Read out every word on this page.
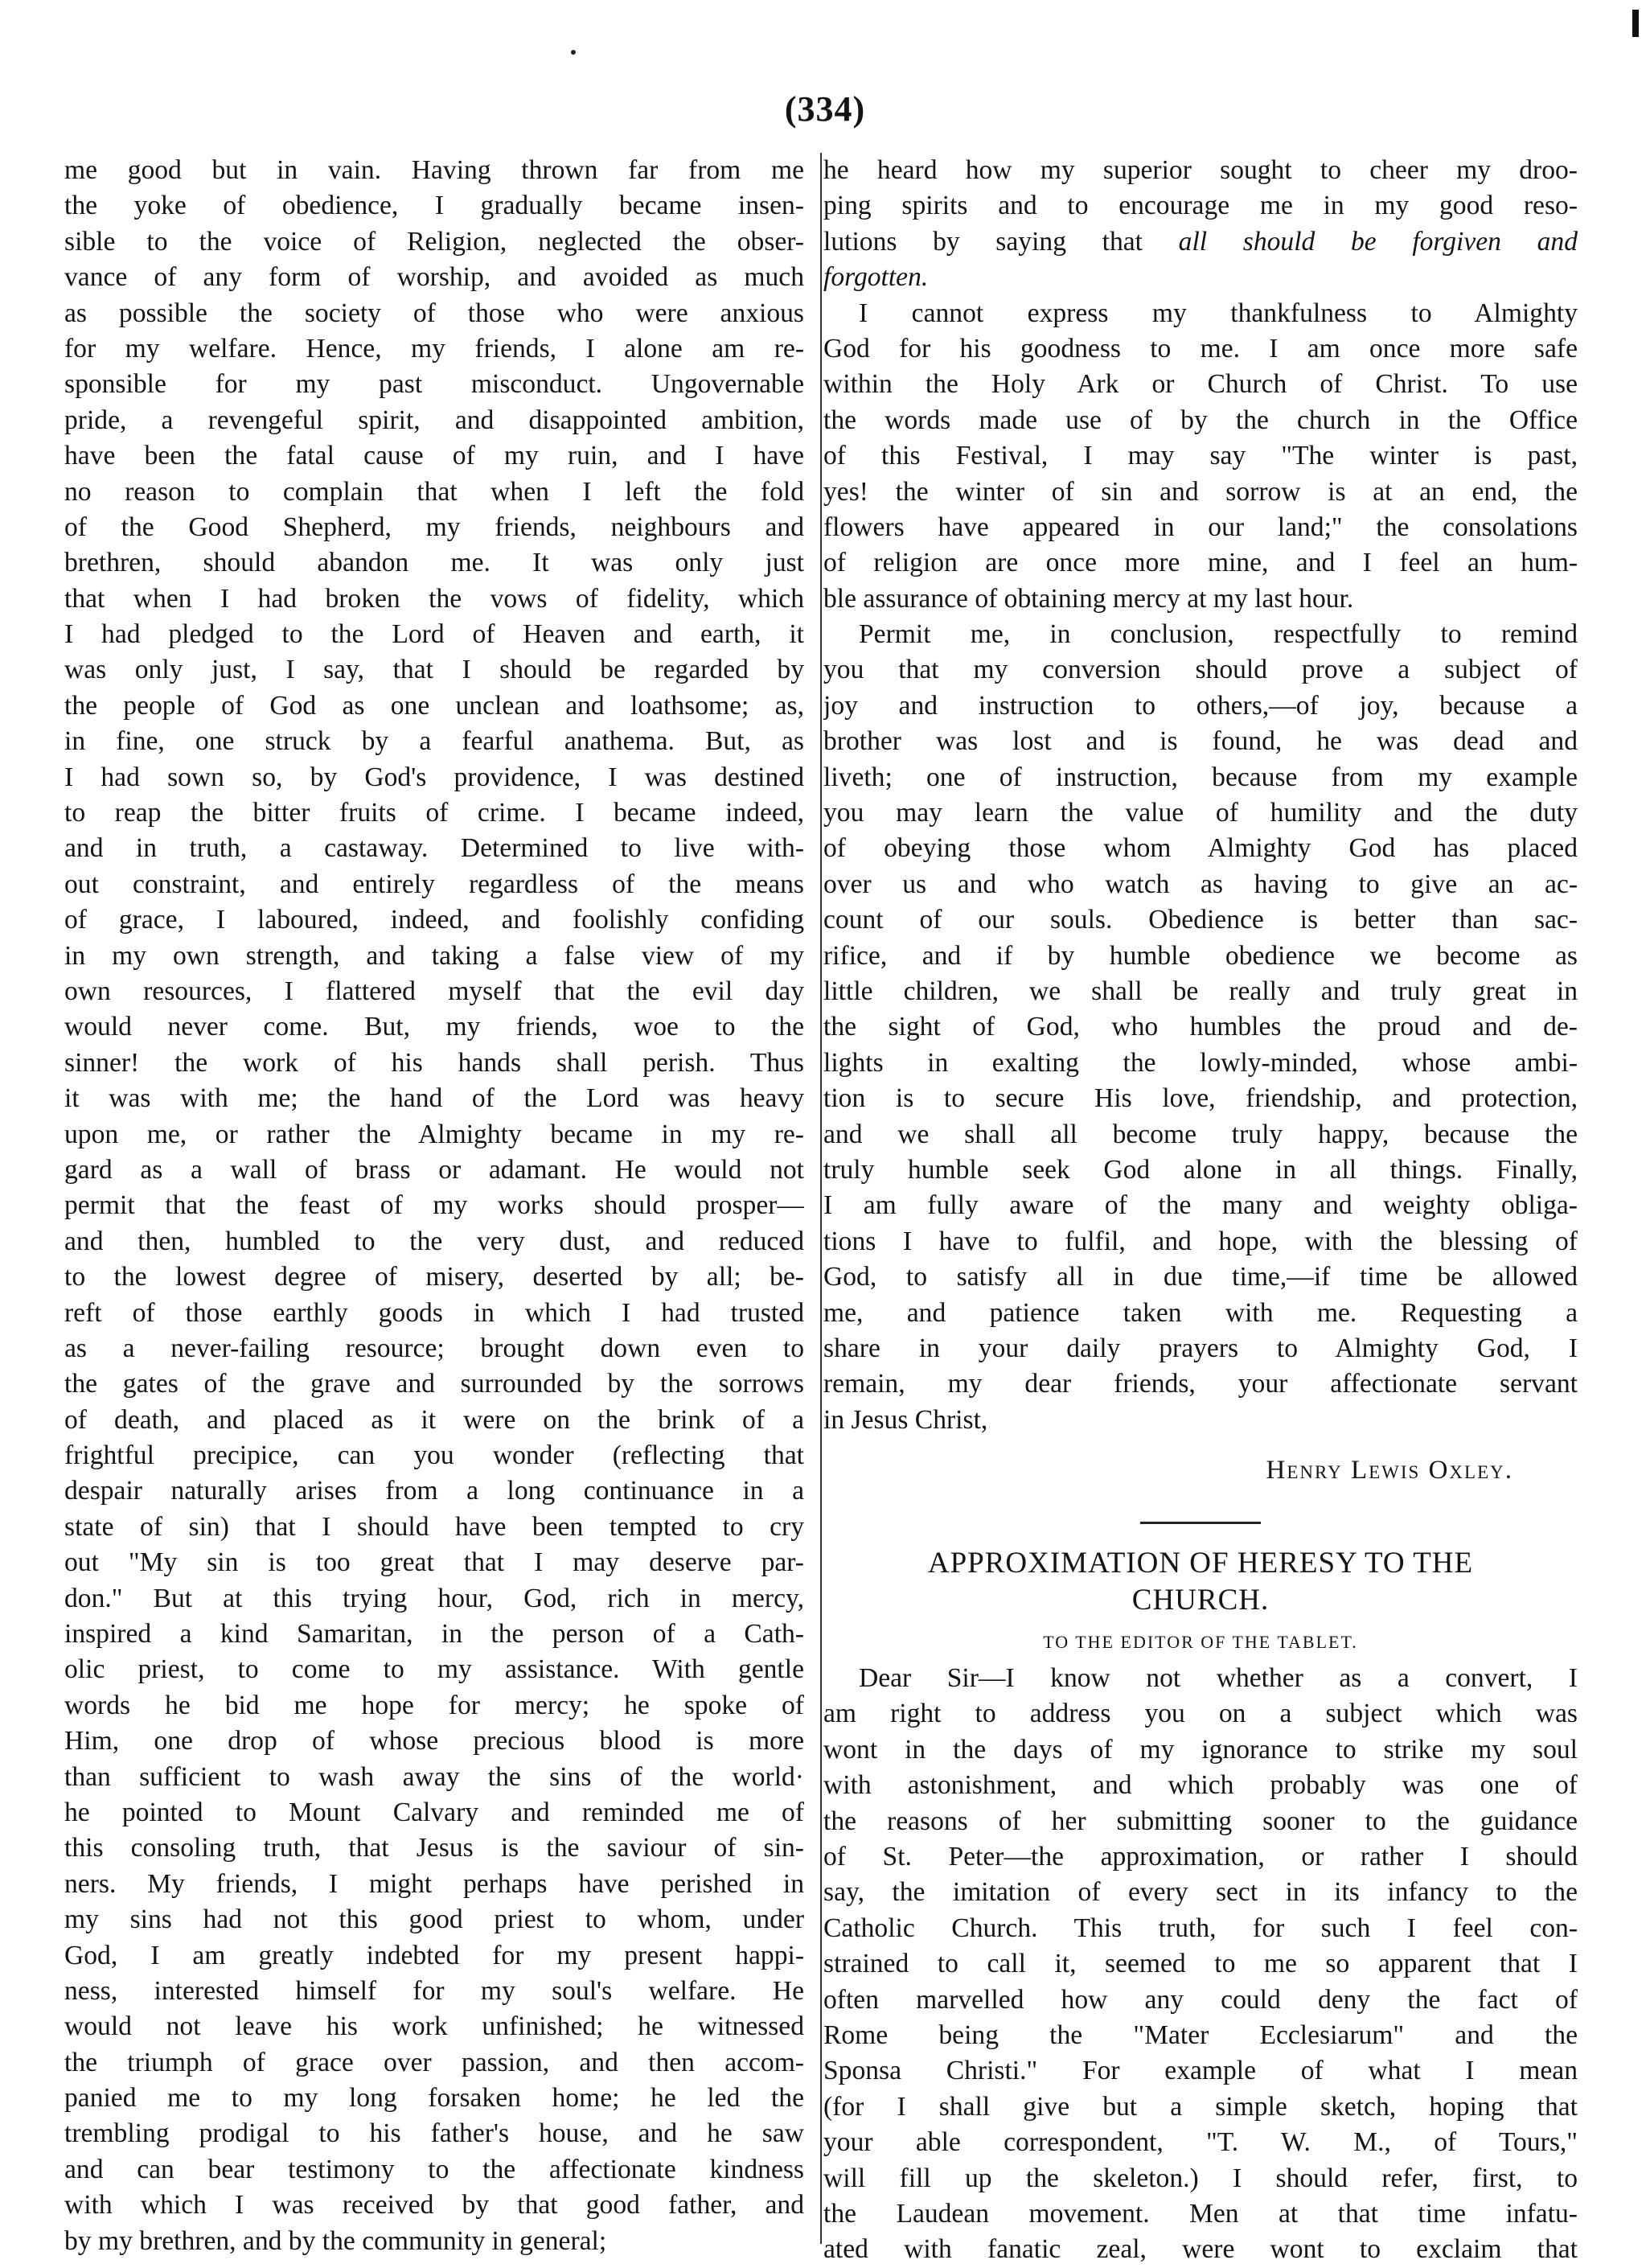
(334)
me good but in vain. Having thrown far from me
the yoke of obedience, I gradually became insen-
sible to the voice of Religion, neglected the obser-
vance of any form of worship, and avoided as much
as possible the society of those who were anxious
for my welfare. Hence, my friends, I alone am re-
sponsible for my past misconduct. Ungovernable
pride, a revengeful spirit, and disappointed ambition,
have been the fatal cause of my ruin, and I have
no reason to complain that when I left the fold
of the Good Shepherd, my friends, neighbours and
brethren, should abandon me. It was only just
that when I had broken the vows of fidelity, which
I had pledged to the Lord of Heaven and earth, it
was only just, I say, that I should be regarded by
the people of God as one unclean and loathsome; as,
in fine, one struck by a fearful anathema. But, as
I had sown so, by God's providence, I was destined
to reap the bitter fruits of crime. I became indeed,
and in truth, a castaway. Determined to live with-
out constraint, and entirely regardless of the means
of grace, I laboured, indeed, and foolishly confiding
in my own strength, and taking a false view of my
own resources, I flattered myself that the evil day
would never come. But, my friends, woe to the
sinner! the work of his hands shall perish. Thus
it was with me; the hand of the Lord was heavy
upon me, or rather the Almighty became in my re-
gard as a wall of brass or adamant. He would not
permit that the feast of my works should prosper—
and then, humbled to the very dust, and reduced
to the lowest degree of misery, deserted by all; be-
reft of those earthly goods in which I had trusted
as a never-failing resource; brought down even to
the gates of the grave and surrounded by the sorrows
of death, and placed as it were on the brink of a
frightful precipice, can you wonder (reflecting that
despair naturally arises from a long continuance in a
state of sin) that I should have been tempted to cry
out "My sin is too great that I may deserve par-
don." But at this trying hour, God, rich in mercy,
inspired a kind Samaritan, in the person of a Cath-
olic priest, to come to my assistance. With gentle
words he bid me hope for mercy; he spoke of
Him, one drop of whose precious blood is more
than sufficient to wash away the sins of the world·
he pointed to Mount Calvary and reminded me of
this consoling truth, that Jesus is the saviour of sin-
ners. My friends, I might perhaps have perished in
my sins had not this good priest to whom, under
God, I am greatly indebted for my present happi-
ness, interested himself for my soul's welfare. He
would not leave his work unfinished; he witnessed
the triumph of grace over passion, and then accom-
panied me to my long forsaken home; he led the
trembling prodigal to his father's house, and he saw
and can bear testimony to the affectionate kindness
with which I was received by that good father, and
by my brethren, and by the community in general;
he heard how my superior sought to cheer my droo-
ping spirits and to encourage me in my good reso-
lutions by saying that all should be forgiven and
forgotten.
I cannot express my thankfulness to Almighty
God for his goodness to me. I am once more safe
within the Holy Ark or Church of Christ. To use
the words made use of by the church in the Office
of this Festival, I may say "The winter is past,
yes! the winter of sin and sorrow is at an end, the
flowers have appeared in our land;" the consolations
of religion are once more mine, and I feel an hum-
ble assurance of obtaining mercy at my last hour.
Permit me, in conclusion, respectfully to remind
you that my conversion should prove a subject of
joy and instruction to others,—of joy, because a
brother was lost and is found, he was dead and
liveth; one of instruction, because from my example
you may learn the value of humility and the duty
of obeying those whom Almighty God has placed
over us and who watch as having to give an ac-
count of our souls. Obedience is better than sac-
rifice, and if by humble obedience we become as
little children, we shall be really and truly great in
the sight of God, who humbles the proud and de-
lights in exalting the lowly-minded, whose ambi-
tion is to secure His love, friendship, and protection,
and we shall all become truly happy, because the
truly humble seek God alone in all things. Finally,
I am fully aware of the many and weighty obliga-
tions I have to fulfil, and hope, with the blessing of
God, to satisfy all in due time,—if time be allowed
me, and patience taken with me. Requesting a
share in your daily prayers to Almighty God, I
remain, my dear friends, your affectionate servant
in Jesus Christ,
Henry Lewis Oxley.
APPROXIMATION OF HERESY TO THE
CHURCH.
TO THE EDITOR OF THE TABLET.
Dear Sir—I know not whether as a convert, I
am right to address you on a subject which was
wont in the days of my ignorance to strike my soul
with astonishment, and which probably was one of
the reasons of her submitting sooner to the guidance
of St. Peter—the approximation, or rather I should
say, the imitation of every sect in its infancy to the
Catholic Church. This truth, for such I feel con-
strained to call it, seemed to me so apparent that I
often marvelled how any could deny the fact of
Rome being the "Mater Ecclesiarum" and the
Sponsa Christi." For example of what I mean
(for I shall give but a simple sketch, hoping that
your able correspondent, "T. W. M., of Tours,"
will fill up the skeleton.) I should refer, first, to
the Laudean movement. Men at that time infatu-
ated with fanatic zeal, were wont to exclaim that
